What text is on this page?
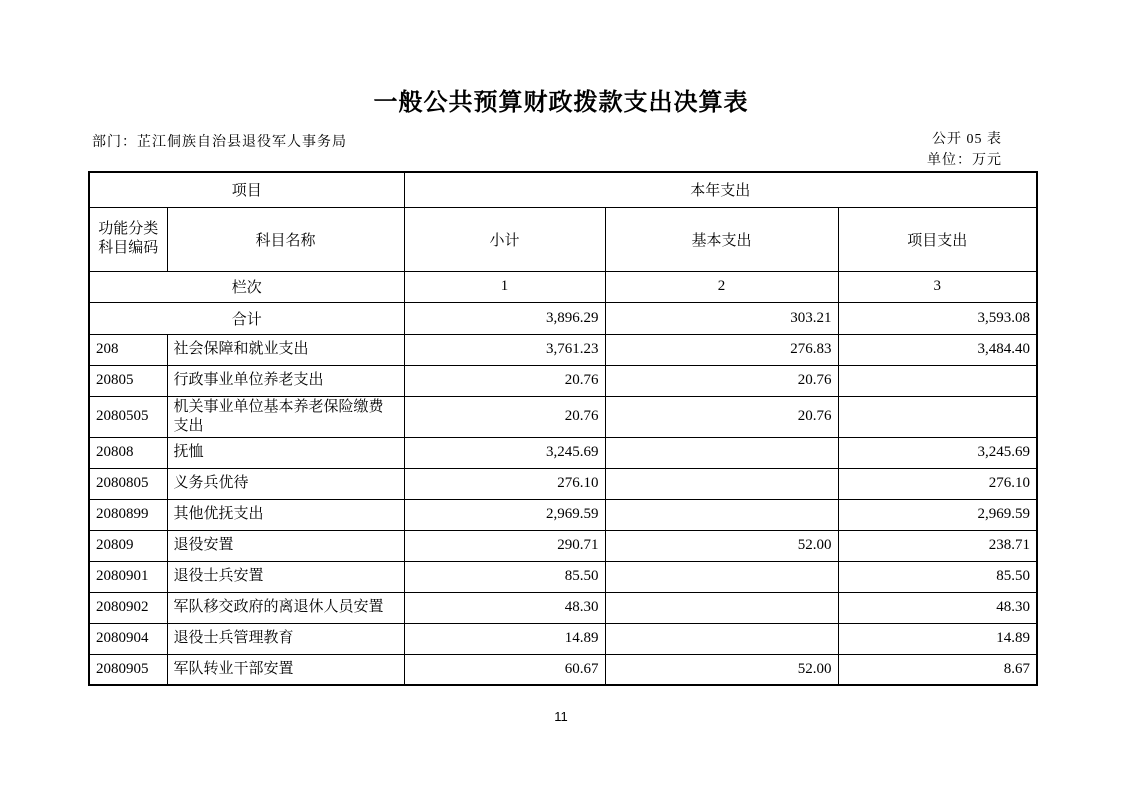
一般公共预算财政拨款支出决算表
部门：芷江侗族自治县退役军人事务局	公开 05 表
单位：万元
项目		本年支出		

功能分类
科目编码	科目名称	小计	基本支出	项目支出
栏次		1	2	3
合计		3,896.29	303.21	3,593.08
208	社会保障和就业支出	3,761.23	276.83	3,484.40
20805	行政事业单位养老支出	20.76	20.76	
2080505	机关事业单位基本养老保险缴费支出	20.76	20.76	
20808	抚恤	3,245.69		3,245.69
2080805	义务兵优待	276.10		276.10
2080899	其他优抚支出	2,969.59		2,969.59
20809	退役安置	290.71	52.00	238.71
2080901	退役士兵安置	85.50		85.50
2080902	军队移交政府的离退休人员安置	48.30		48.30
2080904	退役士兵管理教育	14.89		14.89
2080905	军队转业干部安置	60.67	52.00	8.67
11
